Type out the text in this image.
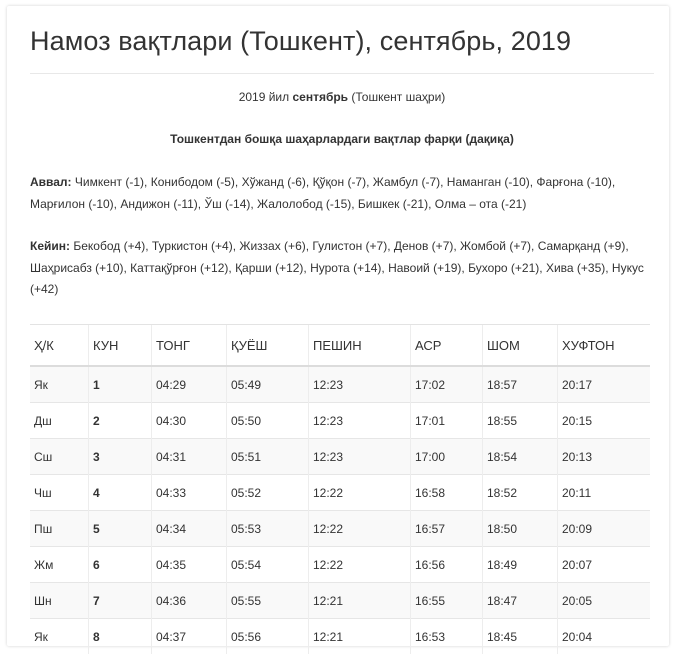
Намоз вақтлари (Тошкент), сентябрь, 2019
2019 йил сентябрь (Тошкент шаҳри)
Тошкентдан бошқа шаҳарлардаги вақтлар фарқи (дақиқа)
Аввал: Чимкент (-1), Конибодом (-5), Хўжанд (-6), Қўқон (-7), Жамбул (-7), Наманган (-10), Фарғона (-10), Марғилон (-10), Андижон (-11), Ўш (-14), Жалолобод (-15), Бишкек (-21), Олма – ота (-21)
Кейин: Бекобод (+4), Туркистон (+4), Жиззах (+6), Гулистон (+7), Денов (+7), Жомбой (+7), Самарқанд (+9), Шаҳрисабз (+10), Каттақўрғон (+12), Қарши (+12), Нурота (+14), Навоий (+19), Бухоро (+21), Хива (+35), Нукус (+42)
Ҳ/К	КУН	ТОНГ	ҚУЁШ	ПЕШИН	АСР	ШОМ	ХУФТОН
Як	1	04:29	05:49	12:23	17:02	18:57	20:17
Дш	2	04:30	05:50	12:23	17:01	18:55	20:15
Сш	3	04:31	05:51	12:23	17:00	18:54	20:13
Чш	4	04:33	05:52	12:22	16:58	18:52	20:11
Пш	5	04:34	05:53	12:22	16:57	18:50	20:09
Жм	6	04:35	05:54	12:22	16:56	18:49	20:07
Шн	7	04:36	05:55	12:21	16:55	18:47	20:05
Як	8	04:37	05:56	12:21	16:53	18:45	20:04
